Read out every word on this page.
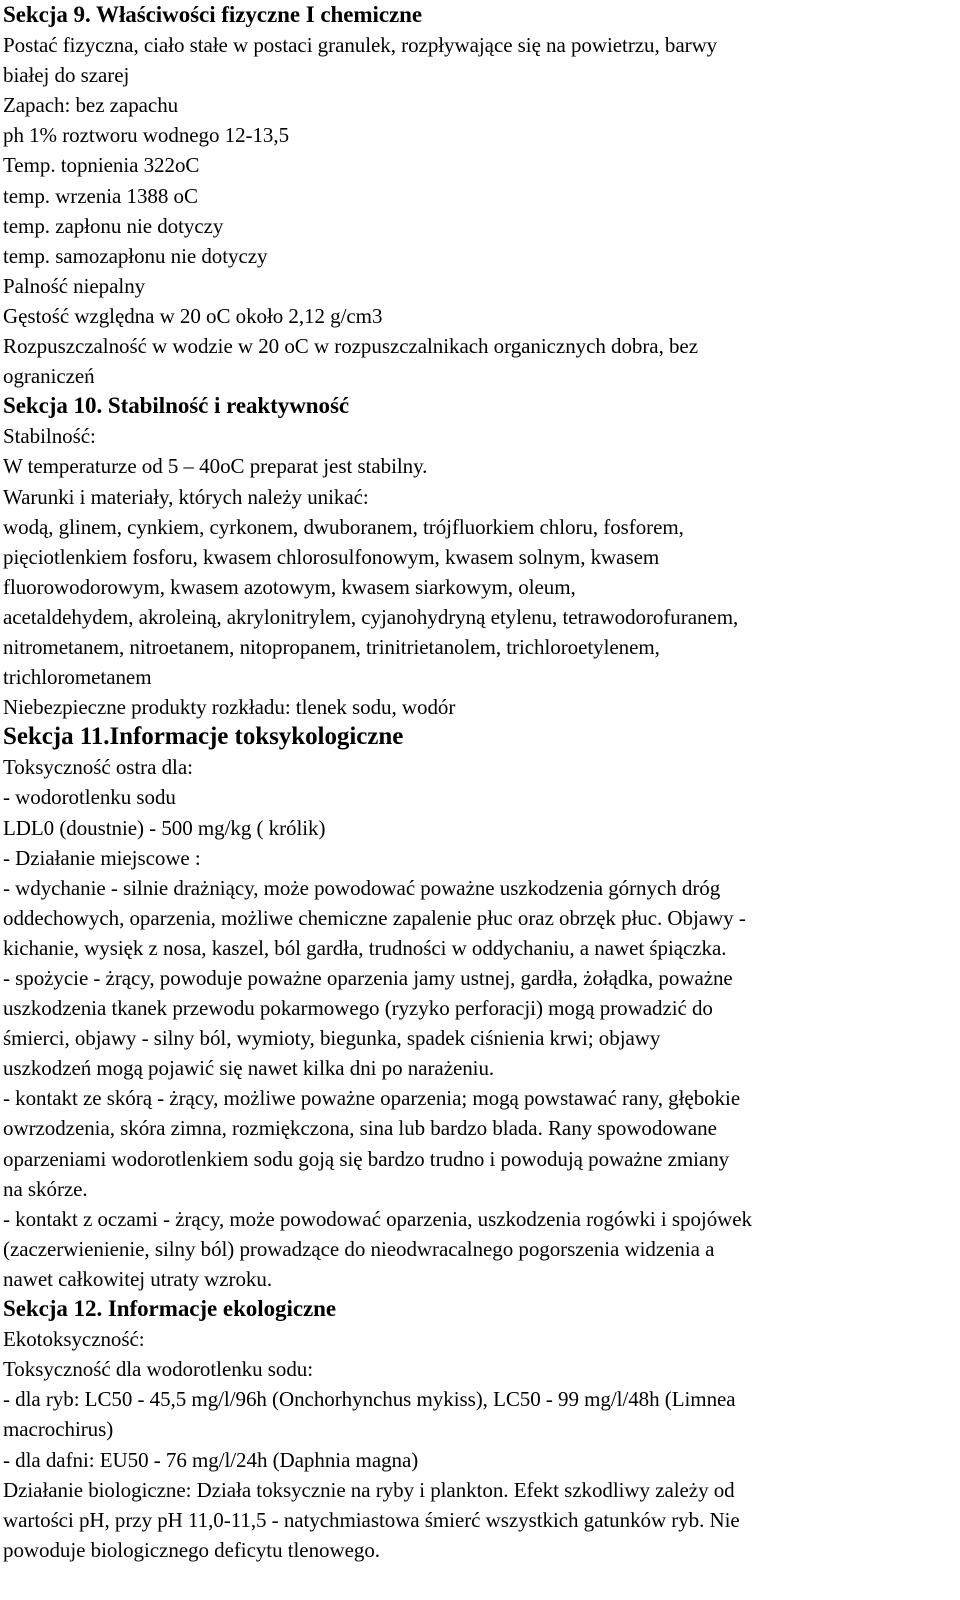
Sekcja 9. Właściwości fizyczne I chemiczne
Postać fizyczna, ciało stałe w postaci granulek, rozpływające się na powietrzu, barwy
białej do szarej
Zapach: bez zapachu
ph 1% roztworu wodnego 12-13,5
Temp. topnienia 322oC
temp. wrzenia 1388 oC
temp. zapłonu nie dotyczy
temp. samozapłonu nie dotyczy
Palność niepalny
Gęstość względna w 20 oC około 2,12 g/cm3
Rozpuszczalność w wodzie w 20 oC w rozpuszczalnikach organicznych dobra, bez
ograniczeń
Sekcja 10. Stabilność i reaktywność
Stabilność:
W temperaturze od 5 – 40oC preparat jest stabilny.
Warunki i materiały, których należy unikać:
wodą, glinem, cynkiem, cyrkonem, dwuboranem, trójfluorkiem chloru, fosforem,
pięciotlenkiem fosforu, kwasem chlorosulfonowym, kwasem solnym, kwasem
fluorowodorowym, kwasem azotowym, kwasem siarkowym, oleum,
acetaldehydem, akroleiną, akrylonitrylem, cyjanohydryną etylenu, tetrawodorofuranem,
nitrometanem, nitroetanem, nitopropanem, trinitrietanolem, trichloroetylenem,
trichlorometanem
Niebezpieczne produkty rozkładu: tlenek sodu, wodór
Sekcja 11.Informacje toksykologiczne
Toksyczność ostra dla:
- wodorotlenku sodu
LDL0 (doustnie) - 500 mg/kg ( królik)
- Działanie miejscowe :
- wdychanie - silnie drażniący, może powodować poważne uszkodzenia górnych dróg
oddechowych, oparzenia, możliwe chemiczne zapalenie płuc oraz obrzęk płuc. Objawy -
kichanie, wysięk z nosa, kaszel, ból gardła, trudności w oddychaniu, a nawet śpiączka.
- spożycie - żrący, powoduje poważne oparzenia jamy ustnej, gardła, żołądka, poważne
uszkodzenia tkanek przewodu pokarmowego (ryzyko perforacji) mogą prowadzić do
śmierci, objawy - silny ból, wymioty, biegunka, spadek ciśnienia krwi; objawy
uszkodzeń mogą pojawić się nawet kilka dni po narażeniu.
- kontakt ze skórą - żrący, możliwe poważne oparzenia; mogą powstawać rany, głębokie
owrzodzenia, skóra zimna, rozmiękczona, sina lub bardzo blada. Rany spowodowane
oparzeniami wodorotlenkiem sodu goją się bardzo trudno i powodują poważne zmiany
na skórze.
- kontakt z oczami - żrący, może powodować oparzenia, uszkodzenia rogówki i spojówek
(zaczerwienienie, silny ból) prowadzące do nieodwracalnego pogorszenia widzenia a
nawet całkowitej utraty wzroku.
Sekcja 12. Informacje ekologiczne
Ekotoksyczność:
Toksyczność dla wodorotlenku sodu:
- dla ryb: LC50 - 45,5 mg/l/96h (Onchorhynchus mykiss), LC50 - 99 mg/l/48h (Limnea
macrochirus)
- dla dafni: EU50 - 76 mg/l/24h (Daphnia magna)
Działanie biologiczne: Działa toksycznie na ryby i plankton. Efekt szkodliwy zależy od
wartości pH, przy pH 11,0-11,5 - natychmiastowa śmierć wszystkich gatunków ryb. Nie
powoduje biologicznego deficytu tlenowego.
